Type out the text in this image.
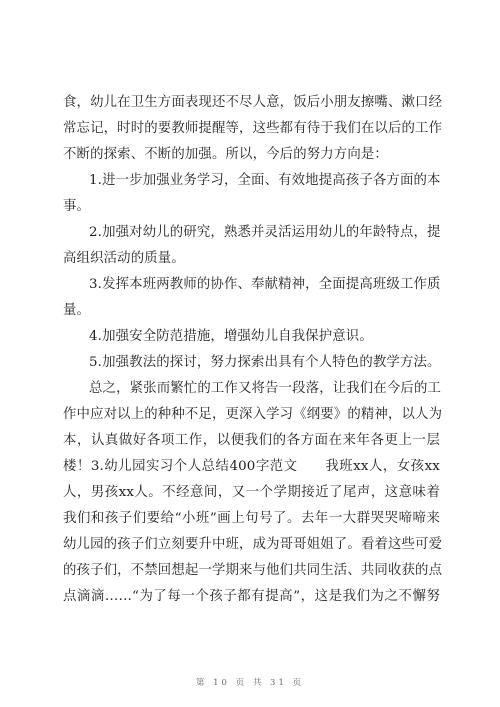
食，幼儿在卫生方面表现还不尽人意，饭后小朋友擦嘴、漱口经
常忘记，时时的要教师提醒等，这些都有待于我们在以后的工作
不断的探索、不断的加强。所以，今后的努力方向是：
1.进一步加强业务学习，全面、有效地提高孩子各方面的本
事。
2.加强对幼儿的研究，熟悉并灵活运用幼儿的年龄特点，提
高组织活动的质量。
3.发挥本班两教师的协作、奉献精神，全面提高班级工作质
量。
4.加强安全防范措施，增强幼儿自我保护意识。
5.加强教法的探讨，努力探索出具有个人特色的教学方法。
总之，紧张而繁忙的工作又将告一段落，让我们在今后的工
作中应对以上的种种不足，更深入学习《纲要》的精神，以人为
本，认真做好各项工作，以便我们的各方面在来年各更上一层
楼！3.幼儿园实习个人总结400字范文　　我班xx人，女孩xx
人，男孩xx人。不经意间，又一个学期接近了尾声，这意味着
我们和孩子们要给“小班”画上句号了。去年一大群哭哭啼啼来
幼儿园的孩子们立刻要升中班，成为哥哥姐姐了。看着这些可爱
的孩子们，不禁回想起一学期来与他们共同生活、共同收获的点
点滴滴……“为了每一个孩子都有提高”，这是我们为之不懈努
第 10 页 共 31 页
